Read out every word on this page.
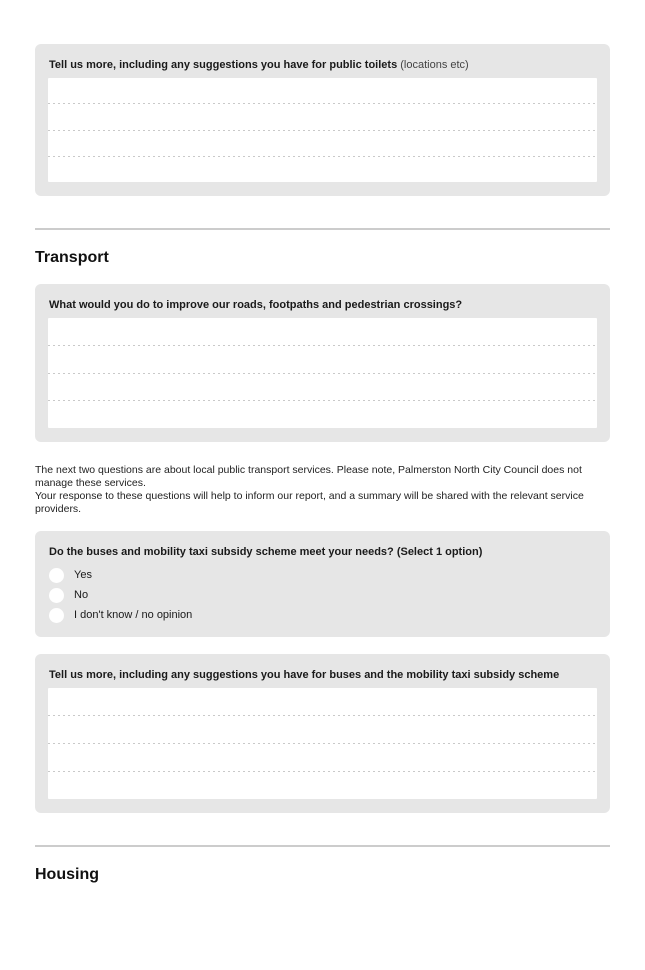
Tell us more, including any suggestions you have for public toilets (locations etc)
Transport
What would you do to improve our roads, footpaths and pedestrian crossings?
The next two questions are about local public transport services. Please note, Palmerston North City Council does not manage these services.
Your response to these questions will help to inform our report, and a summary will be shared with the relevant service providers.
Do the buses and mobility taxi subsidy scheme meet your needs? (Select 1 option)
Yes
No
I don't know / no opinion
Tell us more, including any suggestions you have for buses and the mobility taxi subsidy scheme
Housing
